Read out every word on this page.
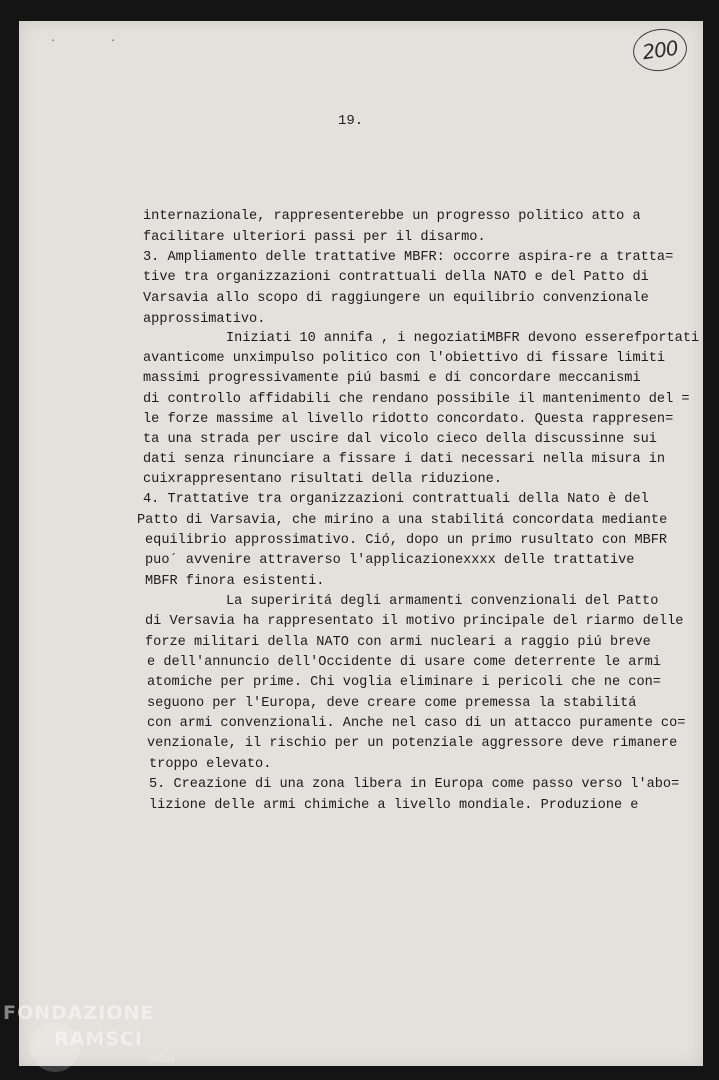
· ·	200
19.
internazionale, rappresenterebbe un progresso politico atto a
facilitare ulteriori passi per il disarmo.
3. Ampliamento delle trattative MBFR: occorre aspira-re a tratta=
tive tra organizzazioni contrattuali della NATO e del Patto di
Varsavia allo scopo di raggiungere un equilibrio convenzionale
approssimativo.
Iniziati 10 annifa , i negoziatiMBFR devono esserefportati
avanticome unximpulso politico con l'obiettivo di fissare limiti
massimi progressivamente piú basmi e di concordare meccanismi
di controllo affidabili che rendano possibile il mantenimento del =
le forze massime al livello ridotto concordato. Questa rappresen=
ta una strada per uscire dal vicolo cieco della discussinne sui
dati senza rinunciare a fissare i dati necessari nella misura in
cuixrappresentano risultati della riduzione.
4. Trattative tra organizzazioni contrattuali della Nato è del
Patto di Varsavia, che mirino a una stabilitá concordata mediante
equilibrio approssimativo. Ció, dopo un primo rusultato con MBFR
puo´ avvenire attraverso l'applicazionexxxx delle trattative
MBFR finora esistenti.
La superiritá degli armamenti convenzionali del Patto
di Versavia ha rappresentato il motivo principale del riarmo delle
forze militari della NATO con armi nucleari a raggio piú breve
e dell'annuncio dell'Occidente di usare come deterrente le armi
atomiche per prime. Chi voglia eliminare i pericoli che ne con=
seguono per l'Europa, deve creare come premessa la stabilitá
con armi convenzionali. Anche nel caso di un attacco puramente co=
venzionale, il rischio per un potenziale aggressore deve rimanere
troppo elevato.
5. Creazione di una zona libera in Europa come passo verso l'abo=
lizione delle armi chimiche a livello mondiale. Produzione e
FONDAZIONE
RAMSCI
onlus
